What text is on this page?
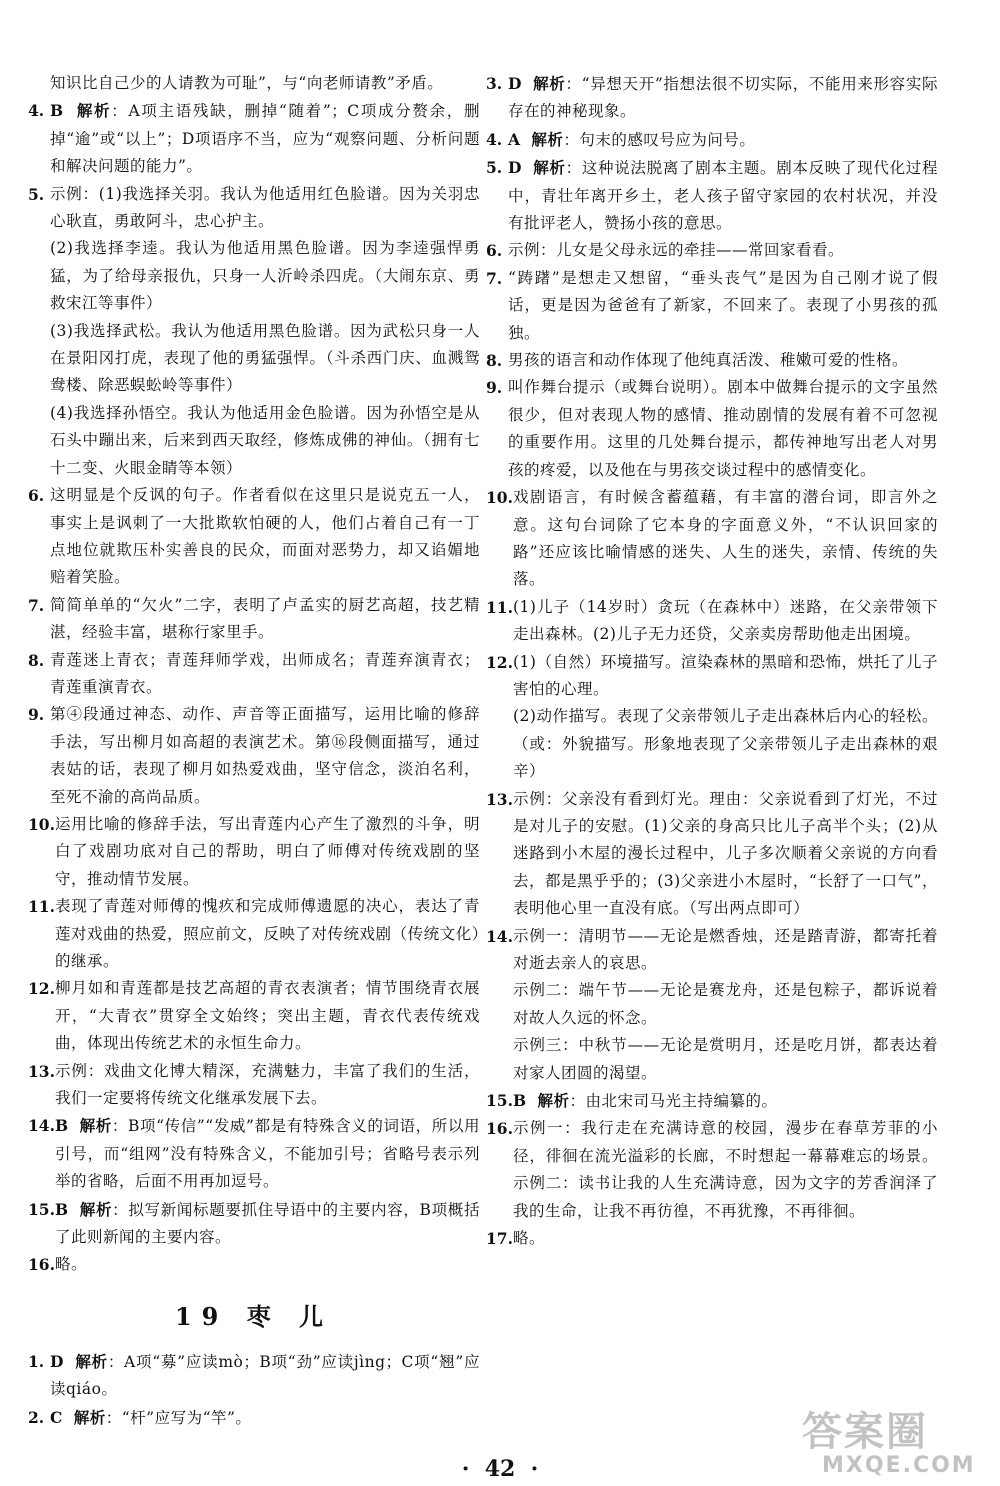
知识比自己少的人请教为可耻”，与“向老师请教”矛盾。
4. B 解析：A项主语残缺，删掉“随着”；C项成分赘余，删掉“逾”或“以上”；D项语序不当，应为“观察问题、分析问题和解决问题的能力”。
5. 示例：(1)我选择关羽。我认为他适用红色脸谱。因为关羽忠心耿直，勇敢阿斗，忠心护主。
(2)我选择李逵。我认为他适用黑色脸谱。因为李逵强悍勇猛，为了给母亲报仇，只身一人沂岭杀四虎。（大闹东京、勇救宋江等事件）
(3)我选择武松。我认为他适用黑色脸谱。因为武松只身一人在景阳冈打虎，表现了他的勇猛强悍。（斗杀西门庆、血溅鸳鸯楼、除恶蜈蚣岭等事件）
(4)我选择孙悟空。我认为他适用金色脸谱。因为孙悟空是从石头中蹦出来，后来到西天取经，修炼成佛的神仙。（拥有七十二变、火眼金睛等本领）
6. 这明显是个反讽的句子。作者看似在这里只是说克五一人，事实上是讽刺了一大批欺软怕硬的人，他们占着自己有一丁点地位就欺压朴实善良的民众，而面对恶势力，却又谄媚地赔着笑脸。
7. 简简单单的“欠火”二字，表明了卢孟实的厨艺高超，技艺精湛，经验丰富，堪称行家里手。
8. 青莲迷上青衣；青莲拜师学戏，出师成名；青莲弃演青衣；青莲重演青衣。
9. 第④段通过神态、动作、声音等正面描写，运用比喻的修辞手法，写出柳月如高超的表演艺术。第⑯段侧面描写，通过表姑的话，表现了柳月如热爱戏曲，坚守信念，淡泊名利，至死不渝的高尚品质。
10. 运用比喻的修辞手法，写出青莲内心产生了激烈的斗争，明白了戏剧功底对自己的帮助，明白了师傅对传统戏剧的坚守，推动情节发展。
11. 表现了青莲对师傅的愧疚和完成师傅遗愿的决心，表达了青莲对戏曲的热爱，照应前文，反映了对传统戏剧（传统文化）的继承。
12. 柳月如和青莲都是技艺高超的青衣表演者；情节围绕青衣展开，“大青衣”贯穿全文始终；突出主题，青衣代表传统戏曲，体现出传统艺术的永恒生命力。
13. 示例：戏曲文化博大精深，充满魅力，丰富了我们的生活，我们一定要将传统文化继承发展下去。
14. B 解析：B项“传信”“发威”都是有特殊含义的词语，所以用引号，而“组网”没有特殊含义，不能加引号；省略号表示列举的省略，后面不用再加逗号。
15. B 解析：拟写新闻标题要抓住导语中的主要内容，B项概括了此则新闻的主要内容。
16. 略。
19 枣 儿
1. D 解析：A项“募”应读mò；B项“劲”应读jìng；C项“翘”应读qiáo。
2. C 解析：“杆”应写为“竿”。
3. D 解析：“异想天开”指想法很不切实际，不能用来形容实际存在的神秘现象。
4. A 解析：句末的感叹号应为问号。
5. D 解析：这种说法脱离了剧本主题。剧本反映了现代化过程中，青壮年离开乡土，老人孩子留守家园的农村状况，并没有批评老人，赞扬小孩的意思。
6. 示例：儿女是父母永远的牵挂——常回家看看。
7. “踌躇”是想走又想留，“垂头丧气”是因为自己刚才说了假话，更是因为爸爸有了新家，不回来了。表现了小男孩的孤独。
8. 男孩的语言和动作体现了他纯真活泼、稚嫩可爱的性格。
9. 叫作舞台提示（或舞台说明）。剧本中做舞台提示的文字虽然很少，但对表现人物的感情、推动剧情的发展有着不可忽视的重要作用。这里的几处舞台提示，都传神地写出老人对男孩的疼爱，以及他在与男孩交谈过程中的感情变化。
10. 戏剧语言，有时候含蓄蕴藉，有丰富的潜台词，即言外之意。这句台词除了它本身的字面意义外，“不认识回家的路”还应该比喻情感的迷失、人生的迷失，亲情、传统的失落。
11. (1)儿子（14岁时）贪玩（在森林中）迷路，在父亲带领下走出森林。(2)儿子无力还贷，父亲卖房帮助他走出困境。
12. (1)（自然）环境描写。渲染森林的黑暗和恐怖，烘托了儿子害怕的心理。
(2)动作描写。表现了父亲带领儿子走出森林后内心的轻松。（或：外貌描写。形象地表现了父亲带领儿子走出森林的艰辛）
13. 示例：父亲没有看到灯光。理由：父亲说看到了灯光，不过是对儿子的安慰。(1)父亲的身高只比儿子高半个头；(2)从迷路到小木屋的漫长过程中，儿子多次顺着父亲说的方向看去，都是黑乎乎的；(3)父亲进小木屋时，“长舒了一口气”，表明他心里一直没有底。（写出两点即可）
14. 示例一：清明节——无论是燃香烛，还是踏青游，都寄托着对逝去亲人的哀思。
示例二：端午节——无论是赛龙舟，还是包粽子，都诉说着对故人久远的怀念。
示例三：中秋节——无论是赏明月，还是吃月饼，都表达着对家人团圆的渴望。
15. B 解析：由北宋司马光主持编纂的。
16. 示例一：我行走在充满诗意的校园，漫步在春草芳菲的小径，徘徊在流光溢彩的长廊，不时想起一幕幕难忘的场景。示例二：读书让我的人生充满诗意，因为文字的芳香润泽了我的生命，让我不再彷徨，不再犹豫，不再徘徊。
17. 略。
·  42  ·
答案圈
MXQE.COM
